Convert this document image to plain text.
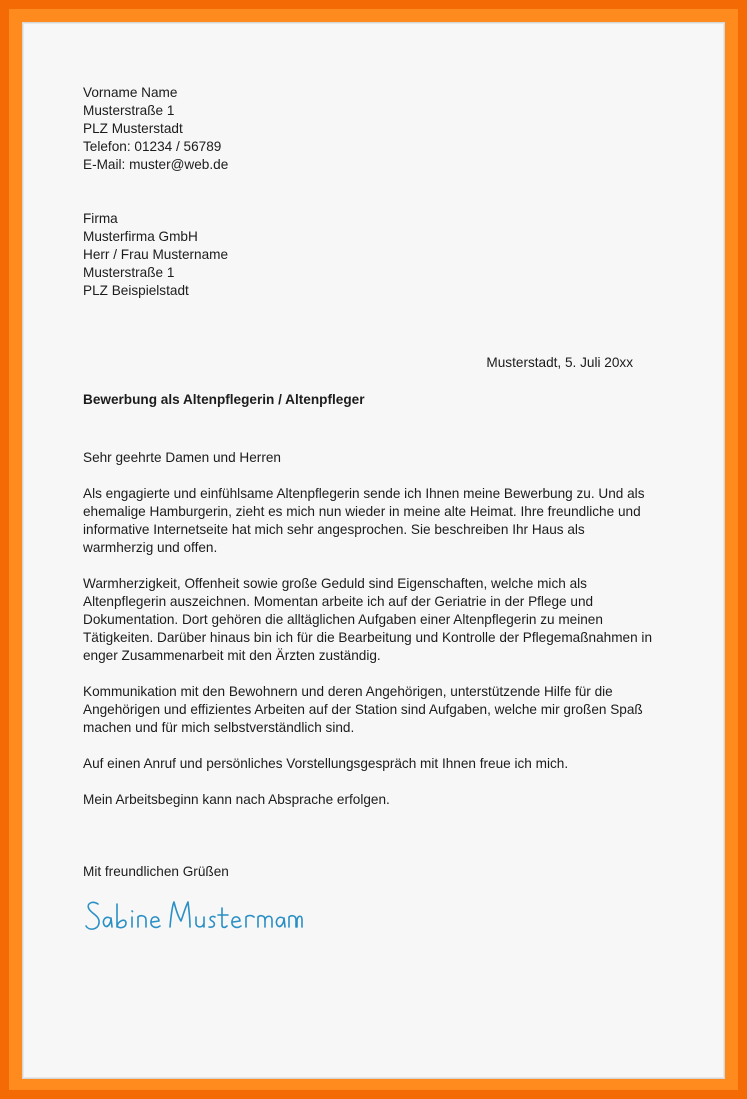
Vorname Name
Musterstraße 1
PLZ Musterstadt
Telefon: 01234 / 56789
E-Mail: muster@web.de
Firma
Musterfirma GmbH
Herr / Frau Mustername
Musterstraße 1
PLZ Beispielstadt
Musterstadt, 5. Juli 20xx
Bewerbung als Altenpflegerin / Altenpfleger
Sehr geehrte Damen und Herren

Als engagierte und einfühlsame Altenpflegerin sende ich Ihnen meine Bewerbung zu. Und als ehemalige Hamburgerin, zieht es mich nun wieder in meine alte Heimat. Ihre freundliche und informative Internetseite hat mich sehr angesprochen. Sie beschreiben Ihr Haus als warmherzig und offen.

Warmherzigkeit, Offenheit sowie große Geduld sind Eigenschaften, welche mich als Altenpflegerin auszeichnen. Momentan arbeite ich auf der Geriatrie in der Pflege und Dokumentation. Dort gehören die alltäglichen Aufgaben einer Altenpflegerin zu meinen Tätigkeiten. Darüber hinaus bin ich für die Bearbeitung und Kontrolle der Pflegemaßnahmen in enger Zusammenarbeit mit den Ärzten zuständig.

Kommunikation mit den Bewohnern und deren Angehörigen, unterstützende Hilfe für die Angehörigen und effizientes Arbeiten auf der Station sind Aufgaben, welche mir großen Spaß machen und für mich selbstverständlich sind.

Auf einen Anruf und persönliches Vorstellungsgespräch mit Ihnen freue ich mich.

Mein Arbeitsbeginn kann nach Absprache erfolgen.

Mit freundlichen Grüßen
